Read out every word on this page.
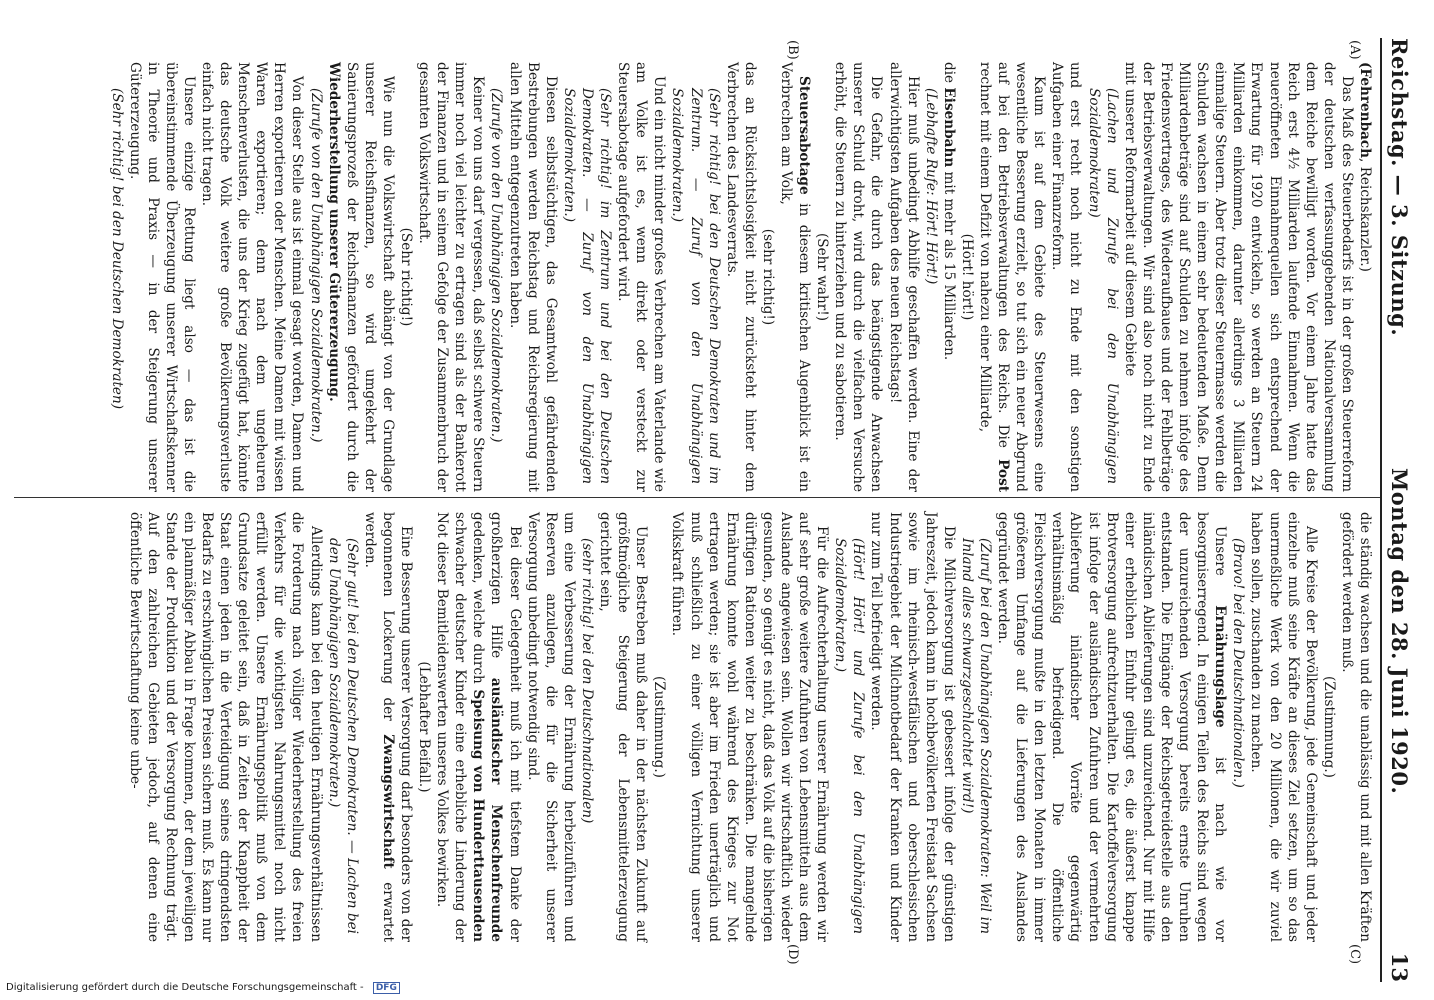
Reichstag. — 3. Sitzung.
Montag den 28. Juni 1920.
13
(A)
(B)
(C)
(D)

(Fehrenbach, Reichskanzler.)

Das Maß des Steuerbedarfs ist in der großen Steuerreform der deutschen verfassunggebenden Nationalversammlung dem Reiche bewilligt worden. Vor einem Jahre hatte das Reich erst 4½ Milliarden laufende Einnahmen. Wenn die neueröffneten Einnahmequellen sich entsprechend der Erwartung für 1920 entwickeln, so werden an Steuern 24 Milliarden einkommen, darunter allerdings 3 Milliarden einmalige Steuern. Aber trotz dieser Steuermasse werden die Schulden wachsen in einem sehr bedeutenden Maße. Denn Milliardenbeträge sind auf Schulden zu nehmen infolge des Friedensvertrages, des Wiederaufbaues und der Fehlbeträge der Betriebsverwaltungen. Wir sind also noch nicht zu Ende mit unserer Reformarbeit auf diesem Gebiete

(Lachen und Zurufe bei den Unabhängigen Sozialdemokraten)

und erst recht noch nicht zu Ende mit den sonstigen Aufgaben einer Finanzreform.

Kaum ist auf dem Gebiete des Steuerwesens eine wesentliche Besserung erzielt, so tut sich ein neuer Abgrund auf bei den Betriebsverwaltungen des Reichs. Die Post rechnet mit einem Defizit von nahezu einer Milliarde,

(Hört! hört!)

die Eisenbahn mit mehr als 15 Milliarden.

(Lebhafte Rufe: Hört! Hört!)

Hier muß unbedingt Abhilfe geschaffen werden. Eine der allerwichtigsten Aufgaben des neuen Reichstags!

Die Gefahr, die durch das beängstigende Anwachsen unserer Schuld droht, wird durch die vielfachen Versuche erhöht, die Steuern zu hinterziehen und zu sabotieren.

(Sehr wahr!)

Steuersabotage in diesem kritischen Augenblick ist ein Verbrechen am Volk,

(sehr richtig!)

das an Rücksichtslosigkeit nicht zurücksteht hinter dem Verbrechen des Landesverrats.

(Sehr richtig! bei den Deutschen Demokraten und im Zentrum. — Zuruf von den Unabhängigen Sozialdemokraten.)

Und ein nicht minder großes Verbrechen am Vaterlande wie am Volke ist es, wenn direkt oder versteckt zur Steuersabotage aufgefordert wird.

(Sehr richtig! im Zentrum und bei den Deutschen Demokraten. — Zuruf von den Unabhängigen Sozialdemokraten.)

Diesen selbstsüchtigen, das Gesamtwohl gefährdenden Bestrebungen werden Reichstag und Reichsregierung mit allen Mitteln entgegenzutreten haben.

(Zurufe von den Unabhängigen Sozialdemokraten.)

Keiner von uns darf vergessen, daß selbst schwere Steuern immer noch viel leichter zu ertragen sind als der Bankerott der Finanzen und in seinem Gefolge der Zusammenbruch der gesamten Volkswirtschaft.

(Sehr richtig!)

Wie nun die Volkswirtschaft abhängt von der Grundlage unserer Reichsfinanzen, so wird umgekehrt der Sanierungsprozeß der Reichsfinanzen gefördert durch die Wiederherstellung unserer Gütererzeugung.

(Zurufe von den Unabhängigen Sozialdemokraten.)

Von dieser Stelle aus ist einmal gesagt worden, Damen und Herren exportieren oder Menschen. Meine Damen mit wissen Waren exportieren; denn nach dem ungeheuren Menschenverlusten, die uns der Krieg zugefügt hat, könnte das deutsche Volk weitere große Bevölkerungsverluste einfach nicht tragen.

Unsere einzige Rettung liegt also — das ist die übereinstimmende Überzeugung unserer Wirtschaftskenner in Theorie und Praxis — in der Steigerung unserer Gütererzeugung.

(Sehr richtig! bei den Deutschen Demokraten)

die ständig wachsen und die unablässig und mit allen Kräften gefördert werden muß.

(Zustimmung.)

Alle Kreise der Bevölkerung, jede Gemeinschaft und jeder einzelne muß seine Kräfte an dieses Ziel setzen, um so das unermeßliche Werk von den 20 Millionen, die wir zuviel haben sollen, zuschanden zu machen.

(Bravo! bei den Deutschnationalen.)

Unsere Ernährungslage ist nach wie vor besorgniserregend. In einigen Teilen des Reichs sind wegen der unzureichenden Versorgung bereits ernste Unruhen entstanden. Die Eingänge der Reichsgetreidestelle aus den inländischen Ablieferungen sind unzureichend. Nur mit Hilfe einer erheblichen Einfuhr gelingt es, die äußerst knappe Brotversorgung aufrechtzuerhalten. Die Kartoffelversorgung ist infolge der ausländischen Zufuhren und der vermehrten Ablieferung inländischer Vorräte gegenwärtig verhältnismäßig befriedigend. Die öffentliche Fleischversorgung mußte in den letzten Monaten in immer größerem Umfange auf die Lieferungen des Auslandes gegründet werden.

(Zuruf bei den Unabhängigen Sozialdemokraten: Weil im Inland alles schwarzgeschlachtet wird!)

Die Milchversorgung ist gebessert infolge der günstigen Jahreszeit, jedoch kann in hochbevölkerten Freistaat Sachsen sowie im rheinisch-westfälischen und oberschlesischen Industriegebiet der Milchnotbedarf der Kranken und Kinder nur zum Teil befriedigt werden.

(Hört! Hört! und Zurufe bei den Unabhängigen Sozialdemokraten.)

Für die Aufrechterhaltung unserer Ernährung werden wir auf sehr große weitere Zufuhren von Lebensmitteln aus dem Auslande angewiesen sein. Wollen wir wirtschaftlich wieder gesunden, so genügt es nicht, daß das Volk auf die bisherigen dürftigen Rationen weiter zu beschränken. Die mangelnde Ernährung konnte wohl während des Krieges zur Not ertragen werden; sie ist aber im Frieden unerträglich und muß schließlich zu einer völligen Vernichtung unserer Volkskraft führen.

(Zustimmung.)

Unser Bestreben muß daher in der nächsten Zukunft auf größtmögliche Steigerung der Lebensmittelerzeugung gerichtet sein,

(sehr richtig! bei den Deutschnationalen)

um eine Verbesserung der Ernährung herbeizuführen und Reserven anzulegen, die für die Sicherheit unserer Versorgung unbedingt notwendig sind.

Bei dieser Gelegenheit muß ich mit tiefstem Danke der großherzigen Hilfe ausländischer Menschenfreunde gedenken, welche durch Speisung von Hunderttausenden schwacher deutscher Kinder eine erhebliche Linderung der Not dieser Bemitleidenswerten unseres Volkes bewirken.

(Lebhafter Beifall.)

Eine Besserung unserer Versorgung darf besonders von der begonnenen Lockerung der Zwangswirtschaft erwartet werden.

(Sehr gut! bei den Deutschen Demokraten. — Lachen bei den Unabhängigen Sozialdemokraten.)

Allerdings kann bei den heutigen Ernährungsverhältnissen die Forderung nach völliger Wiederherstellung des freien Verkehrs für die wichtigsten Nahrungsmittel noch nicht erfüllt werden. Unsere Ernährungspolitik muß von dem Grundsatze geleitet sein, daß in Zeiten der Knappheit der Staat einen jeden in die Verteidigung seines dringendsten Bedarfs zu erschwinglichen Preisen sichern muß. Es kann nur ein planmäßiger Abbau in Frage kommen, der dem jeweiligen Stande der Produktion und der Versorgung Rechnung trägt. Auf den zahlreichen Gebieten jedoch, auf denen eine öffentliche Bewirtschaftung keine unbe-

Digitalisierung gefördert durch die Deutsche Forschungsgemeinschaft - DFG
